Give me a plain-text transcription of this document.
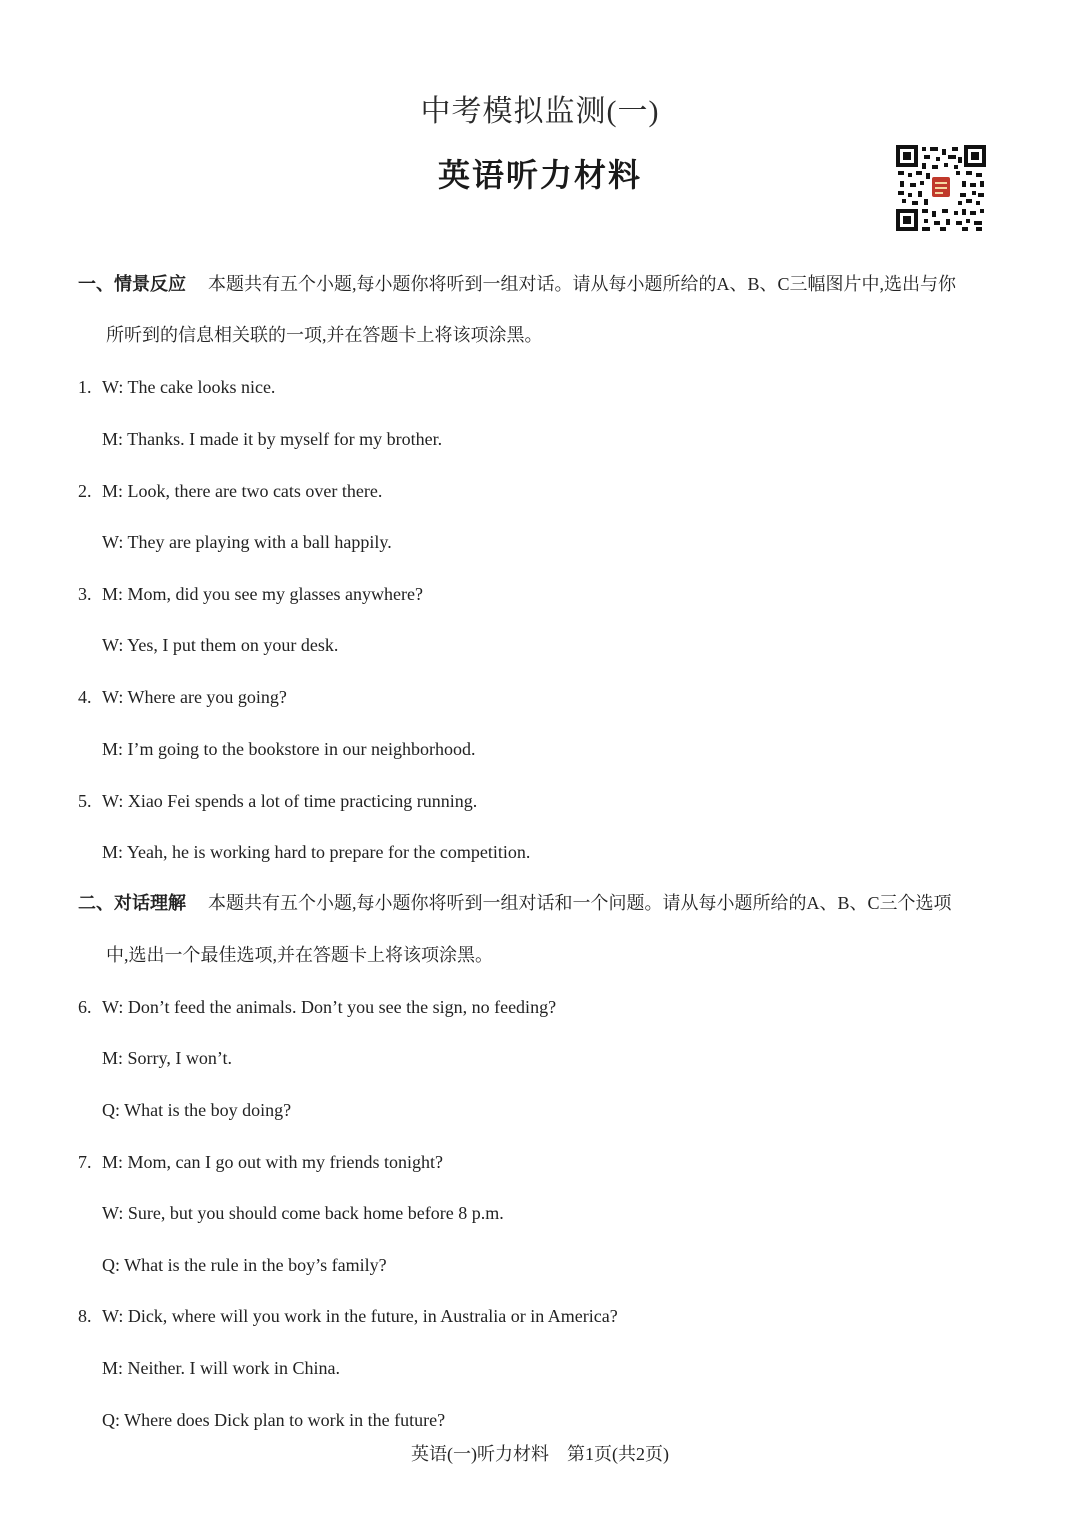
中考模拟监测(一)
英语听力材料
一、情景反应 本题共有五个小题,每小题你将听到一组对话。请从每小题所给的A、B、C三幅图片中,选出与你
所听到的信息相关联的一项,并在答题卡上将该项涂黑。
1. W: The cake looks nice.
M: Thanks. I made it by myself for my brother.
2. M: Look, there are two cats over there.
W: They are playing with a ball happily.
3. M: Mom, did you see my glasses anywhere?
W: Yes, I put them on your desk.
4. W: Where are you going?
M: I’m going to the bookstore in our neighborhood.
5. W: Xiao Fei spends a lot of time practicing running.
M: Yeah, he is working hard to prepare for the competition.
二、对话理解 本题共有五个小题,每小题你将听到一组对话和一个问题。请从每小题所给的A、B、C三个选项
中,选出一个最佳选项,并在答题卡上将该项涂黑。
6. W: Don’t feed the animals. Don’t you see the sign, no feeding?
M: Sorry, I won’t.
Q: What is the boy doing?
7. M: Mom, can I go out with my friends tonight?
W: Sure, but you should come back home before 8 p.m.
Q: What is the rule in the boy’s family?
8. W: Dick, where will you work in the future, in Australia or in America?
M: Neither. I will work in China.
Q: Where does Dick plan to work in the future?
英语(一)听力材料　第1页(共2页)
